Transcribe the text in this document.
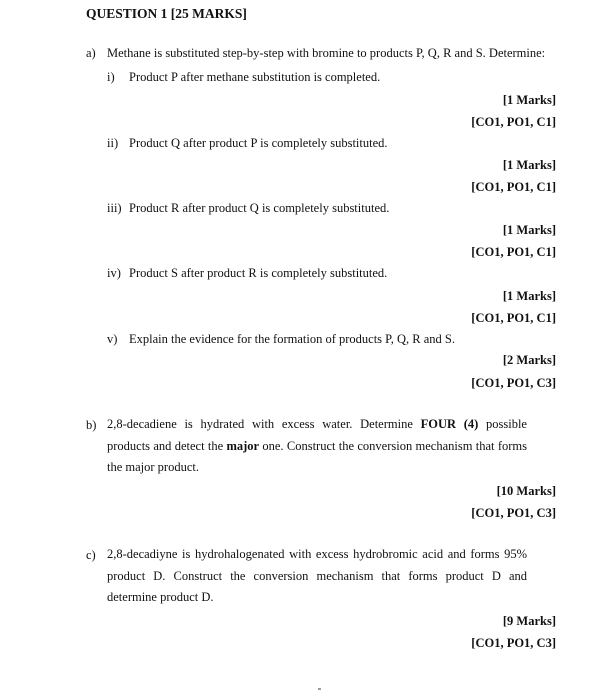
QUESTION 1 [25 MARKS]
a) Methane is substituted step-by-step with bromine to products P, Q, R and S. Determine:
i) Product P after methane substitution is completed.
[1 Marks]
[CO1, PO1, C1]
ii) Product Q after product P is completely substituted.
[1 Marks]
[CO1, PO1, C1]
iii) Product R after product Q is completely substituted.
[1 Marks]
[CO1, PO1, C1]
iv) Product S after product R is completely substituted.
[1 Marks]
[CO1, PO1, C1]
v) Explain the evidence for the formation of products P, Q, R and S.
[2 Marks]
[CO1, PO1, C3]
b) 2,8-decadiene is hydrated with excess water. Determine FOUR (4) possible products and detect the major one. Construct the conversion mechanism that forms the major product.
[10 Marks]
[CO1, PO1, C3]
c) 2,8-decadiyne is hydrohalogenated with excess hydrobromic acid and forms 95% product D. Construct the conversion mechanism that forms product D and determine product D.
[9 Marks]
[CO1, PO1, C3]
